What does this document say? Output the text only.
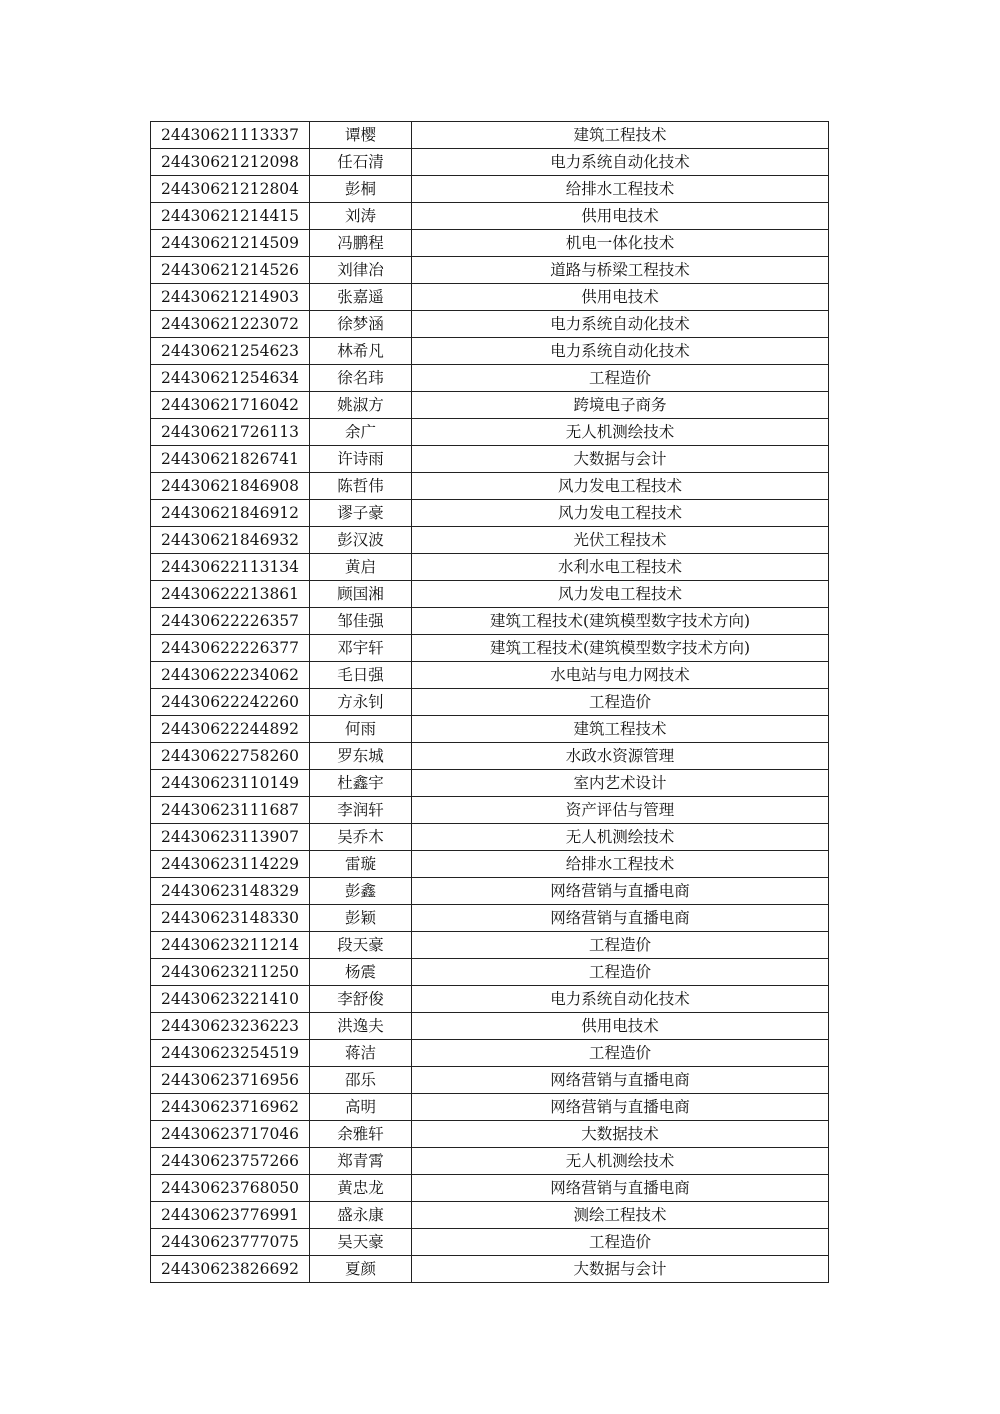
24430621113337	谭樱	建筑工程技术
24430621212098	任石清	电力系统自动化技术
24430621212804	彭桐	给排水工程技术
24430621214415	刘涛	供用电技术
24430621214509	冯鹏程	机电一体化技术
24430621214526	刘律冶	道路与桥梁工程技术
24430621214903	张嘉遥	供用电技术
24430621223072	徐梦涵	电力系统自动化技术
24430621254623	林希凡	电力系统自动化技术
24430621254634	徐名玮	工程造价
24430621716042	姚淑方	跨境电子商务
24430621726113	余广	无人机测绘技术
24430621826741	许诗雨	大数据与会计
24430621846908	陈哲伟	风力发电工程技术
24430621846912	谬子豪	风力发电工程技术
24430621846932	彭汉波	光伏工程技术
24430622113134	黄启	水利水电工程技术
24430622213861	顾国湘	风力发电工程技术
24430622226357	邹佳强	建筑工程技术(建筑模型数字技术方向)
24430622226377	邓宇轩	建筑工程技术(建筑模型数字技术方向)
24430622234062	毛日强	水电站与电力网技术
24430622242260	方永钊	工程造价
24430622244892	何雨	建筑工程技术
24430622758260	罗东城	水政水资源管理
24430623110149	杜鑫宇	室内艺术设计
24430623111687	李润轩	资产评估与管理
24430623113907	吴乔木	无人机测绘技术
24430623114229	雷璇	给排水工程技术
24430623148329	彭鑫	网络营销与直播电商
24430623148330	彭颖	网络营销与直播电商
24430623211214	段天豪	工程造价
24430623211250	杨震	工程造价
24430623221410	李舒俊	电力系统自动化技术
24430623236223	洪逸夫	供用电技术
24430623254519	蒋洁	工程造价
24430623716956	邵乐	网络营销与直播电商
24430623716962	高明	网络营销与直播电商
24430623717046	余雅轩	大数据技术
24430623757266	郑青霄	无人机测绘技术
24430623768050	黄忠龙	网络营销与直播电商
24430623776991	盛永康	测绘工程技术
24430623777075	吴天豪	工程造价
24430623826692	夏颜	大数据与会计
